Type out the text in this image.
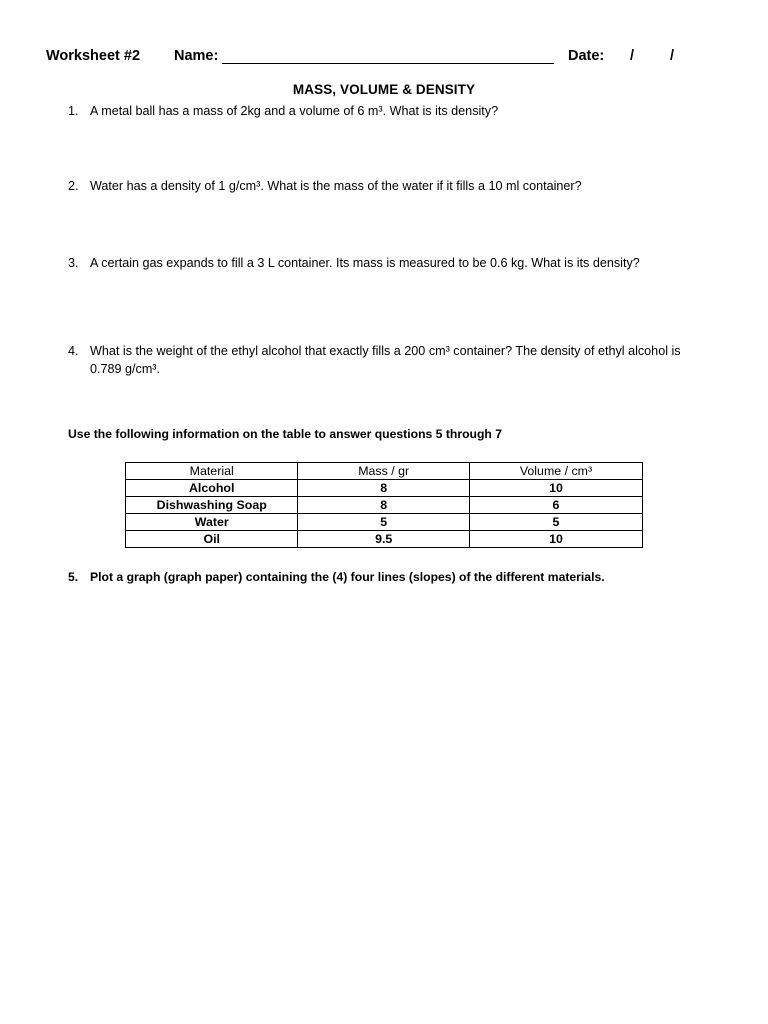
Worksheet #2 Name:	Date: / /
MASS, VOLUME & DENSITY
1. A metal ball has a mass of 2kg and a volume of 6 m³. What is its density?
2. Water has a density of 1 g/cm³. What is the mass of the water if it fills a 10 ml container?
3. A certain gas expands to fill a 3 L container. Its mass is measured to be 0.6 kg. What is its density?
4. What is the weight of the ethyl alcohol that exactly fills a 200 cm³ container? The density of ethyl alcohol is 0.789 g/cm³.
Use the following information on the table to answer questions 5 through 7
Material	Mass / gr	Volume / cm³
Alcohol	8	10
Dishwashing Soap	8	6
Water	5	5
Oil	9.5	10
5. Plot a graph (graph paper) containing the (4) four lines (slopes) of the different materials.
